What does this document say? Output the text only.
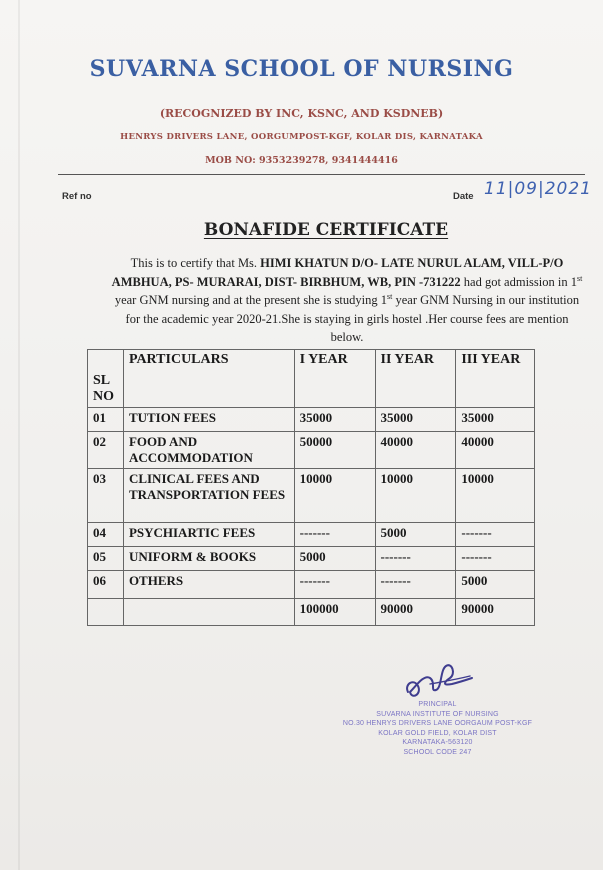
SUVARNA SCHOOL OF NURSING
(RECOGNIZED BY INC, KSNC, AND KSDNEB)
HENRYS DRIVERS LANE, OORGUMPOST-KGF, KOLAR DIS, KARNATAKA
MOB NO: 9353239278, 9341444416
Ref no	Date 11|09|2021
BONAFIDE CERTIFICATE
This is to certify that Ms. HIMI KHATUN D/O- LATE NURUL ALAM, VILL-P/O AMBHUA, PS- MURARAI, DIST- BIRBHUM, WB, PIN -731222 had got admission in 1st year GNM nursing and at the present she is studying 1st year GNM Nursing in our institution for the academic year 2020-21.She is staying in girls hostel .Her course fees are mention below.
SL NO	PARTICULARS	I YEAR	II YEAR	III YEAR
01	TUTION FEES	35000	35000	35000
02	FOOD AND ACCOMMODATION	50000	40000	40000
03	CLINICAL FEES AND TRANSPORTATION FEES	10000	10000	10000
04	PSYCHIARTIC FEES	-------	5000	-------
05	UNIFORM & BOOKS	5000	-------	-------
06	OTHERS	-------	-------	5000
		100000	90000	90000
PRINCIPAL
SUVARNA INSTITUTE OF NURSING
NO.30 HENRYS DRIVERS LANE OORGAUM POST-KGF
KOLAR GOLD FIELD, KOLAR DIST
KARNATAKA-563120
SCHOOL CODE 247
